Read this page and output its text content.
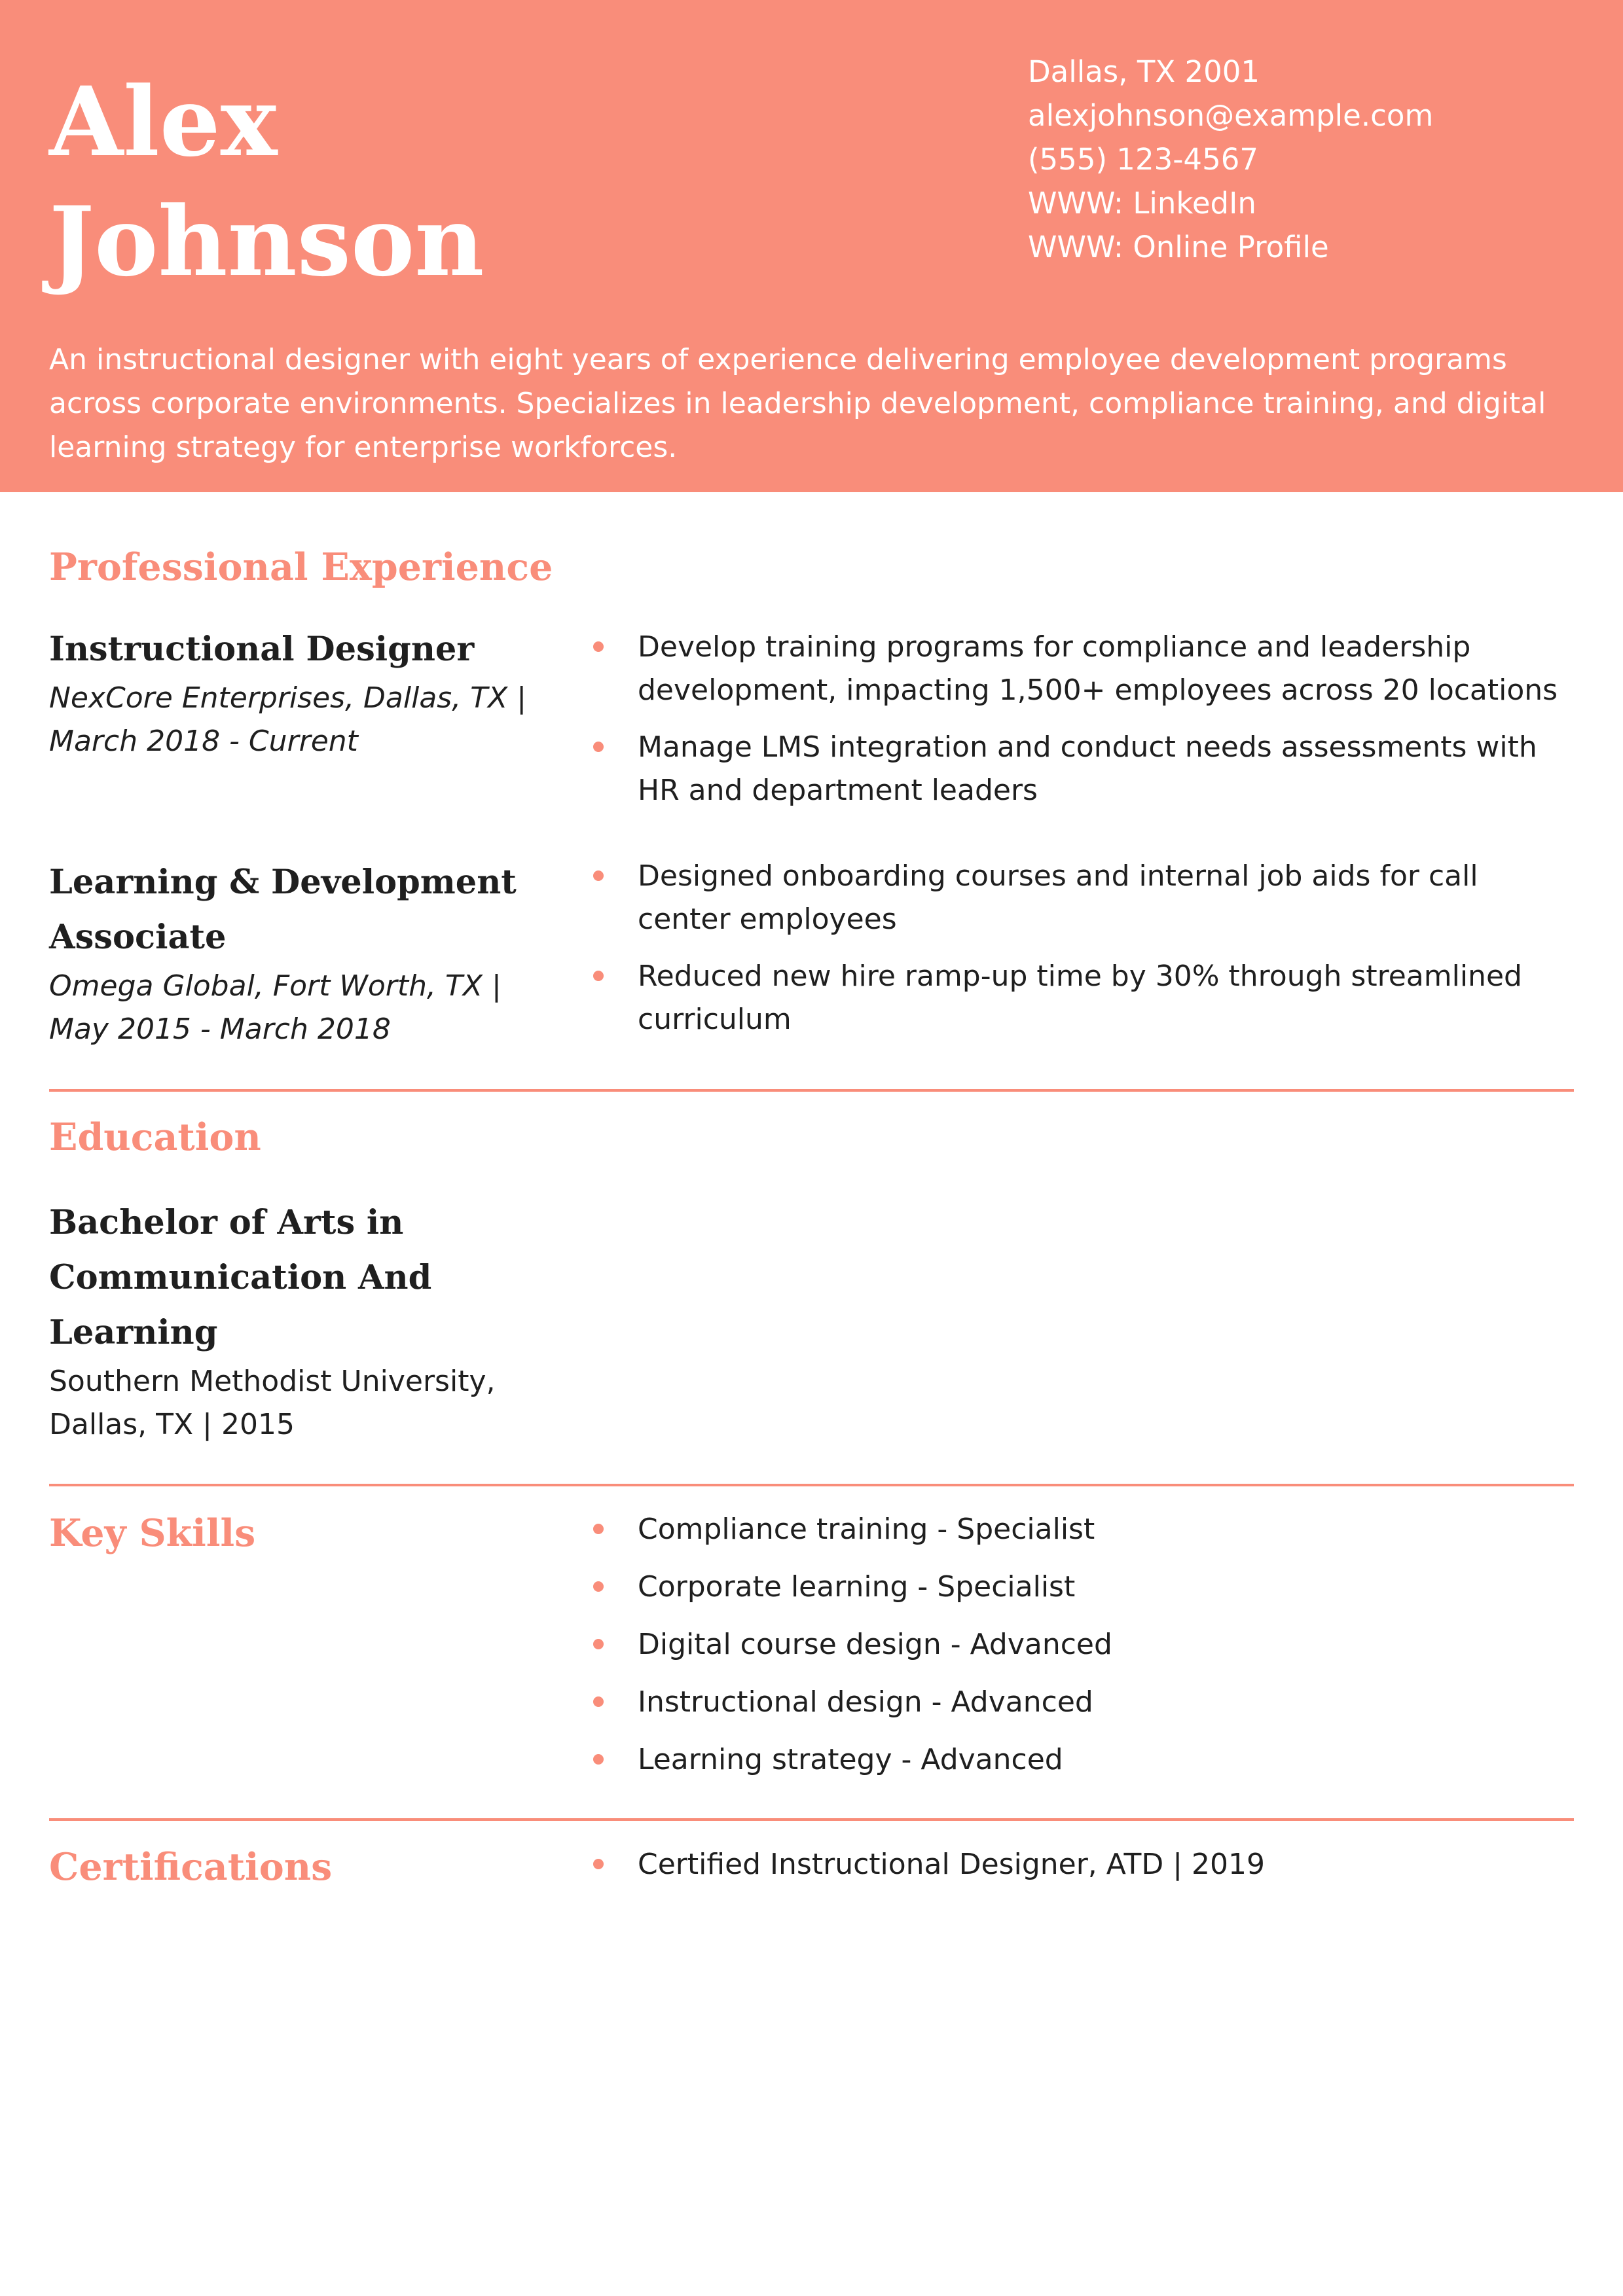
Alex
Johnson
Dallas, TX 2001
alexjohnson@example.com
(555) 123-4567
WWW: LinkedIn
WWW: Online Profile

An instructional designer with eight years of experience delivering employee development programs across corporate environments. Specializes in leadership development, compliance training, and digital learning strategy for enterprise workforces.

Professional Experience
Instructional Designer
NexCore Enterprises, Dallas, TX | March 2018 - Current
Develop training programs for compliance and leadership development, impacting 1,500+ employees across 20 locations
Manage LMS integration and conduct needs assessments with HR and department leaders
Learning & Development Associate
Omega Global, Fort Worth, TX | May 2015 - March 2018
Designed onboarding courses and internal job aids for call center employees
Reduced new hire ramp-up time by 30% through streamlined curriculum
Education
Bachelor of Arts in Communication And Learning
Southern Methodist University, Dallas, TX | 2015
Key Skills	Compliance training - Specialist
Corporate learning - Specialist
Digital course design - Advanced
Instructional design - Advanced
Learning strategy - Advanced
Certifications	Certified Instructional Designer, ATD | 2019
